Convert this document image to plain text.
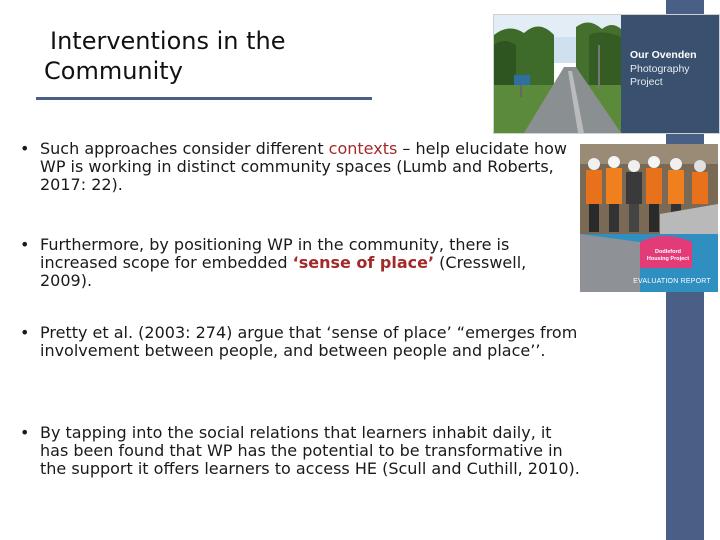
Interventions in the
Community
Our Ovenden
Photography
Project
Dodleford
Housing Project
EVALUATION REPORT
• Such approaches consider different contexts – help elucidate how WP is working in distinct community spaces (Lumb and Roberts, 2017: 22).
• Furthermore, by positioning WP in the community, there is increased scope for embedded ‘sense of place’ (Cresswell, 2009).
• Pretty et al. (2003: 274) argue that ‘sense of place’ “emerges from involvement between people, and between people and place’’.
• By tapping into the social relations that learners inhabit daily, it has been found that WP has the potential to be transformative in the support it offers learners to access HE (Scull and Cuthill, 2010).
